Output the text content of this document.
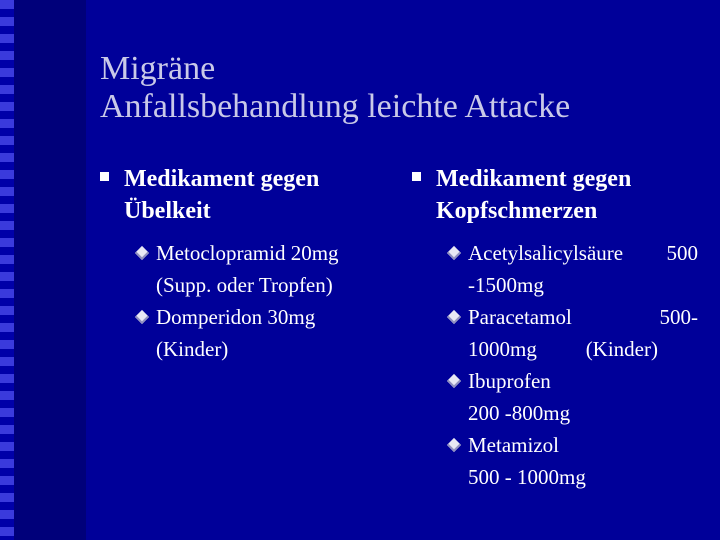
Migräne
Anfallsbehandlung leichte Attacke
Medikament gegen
Übelkeit
Metoclopramid 20mg
(Supp. oder Tropfen)
Domperidon 30mg
(Kinder)
Medikament gegen
Kopfschmerzen
Acetylsalicylsäure 500
-1500mg
Paracetamol	500-
1000mg (Kinder)
Ibuprofen
200 -800mg
Metamizol
500 - 1000mg
